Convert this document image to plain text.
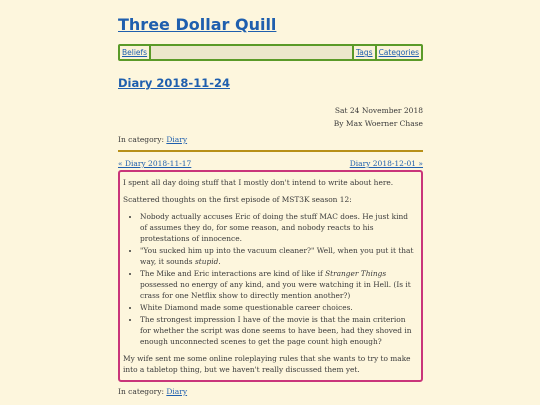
Three Dollar Quill
Beliefs	Tags Categories
Diary 2018-11-24
Sat 24 November 2018
By Max Woerner Chase
In category: Diary
« Diary 2018-11-17	Diary 2018-12-01 »

I spent all day doing stuff that I mostly don't intend to write about here.

Scattered thoughts on the first episode of MST3K season 12:

• Nobody actually accuses Eric of doing the stuff MAC does. He just kind of assumes they do, for some reason, and nobody reacts to his protestations of innocence.
• "You sucked him up into the vacuum cleaner?" Well, when you put it that way, it sounds stupid.
• The Mike and Eric interactions are kind of like if Stranger Things possessed no energy of any kind, and you were watching it in Hell. (Is it crass for one Netflix show to directly mention another?)
• White Diamond made some questionable career choices.
• The strongest impression I have of the movie is that the main criterion for whether the script was done seems to have been, had they shoved in enough unconnected scenes to get the page count high enough?

My wife sent me some online roleplaying rules that she wants to try to make into a tabletop thing, but we haven't really discussed them yet.

In category: Diary
